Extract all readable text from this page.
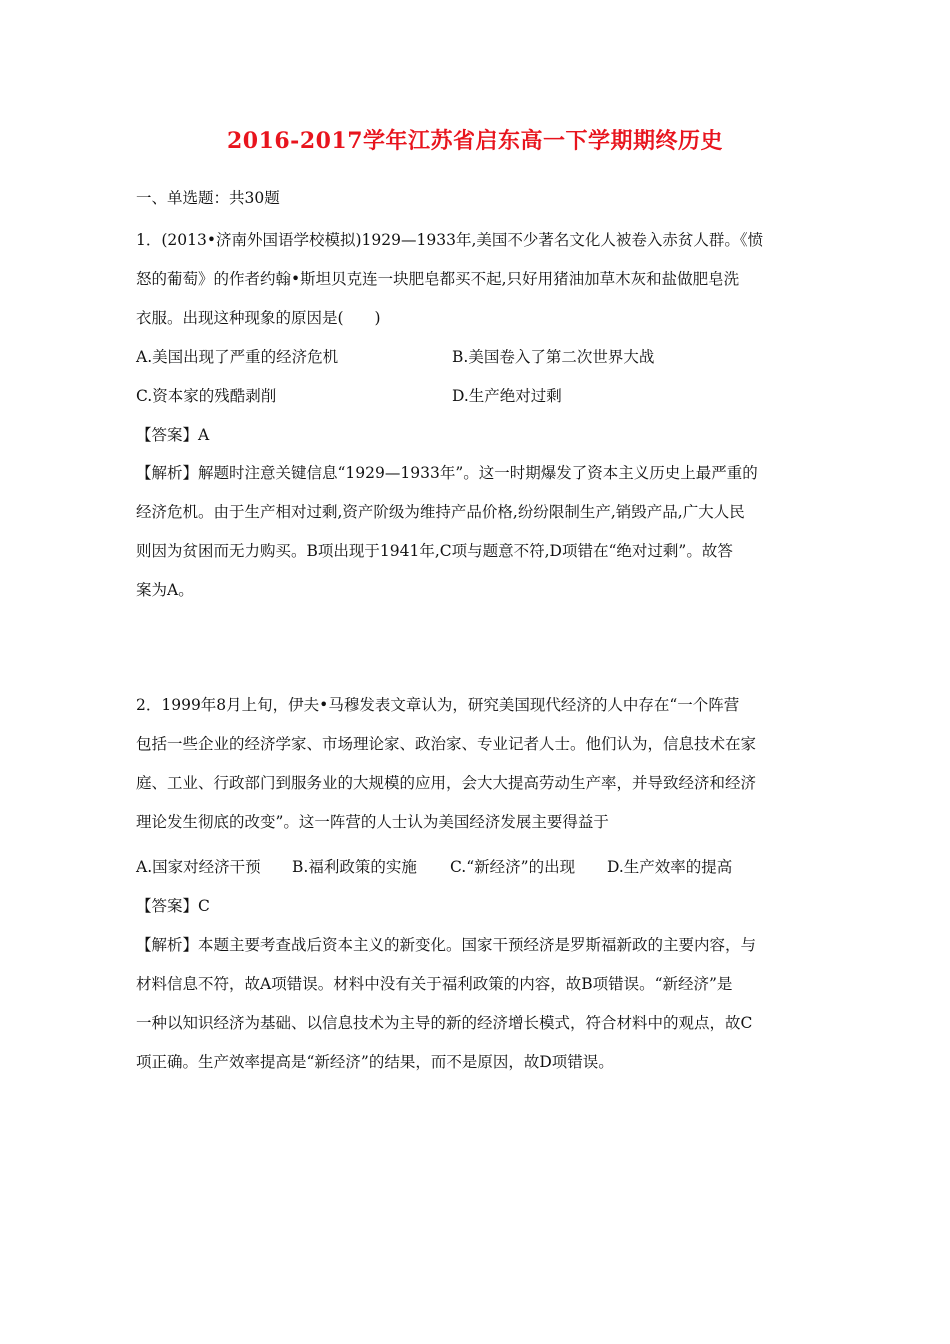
2016-2017学年江苏省启东高一下学期期终历史
一、单选题：共30题
1．(2013•济南外国语学校模拟)1929—1933年,美国不少著名文化人被卷入赤贫人群。《愤
怒的葡萄》的作者约翰•斯坦贝克连一块肥皂都买不起,只好用猪油加草木灰和盐做肥皂洗
衣服。出现这种现象的原因是(　　)
A.美国出现了严重的经济危机	B.美国卷入了第二次世界大战
C.资本家的残酷剥削	D.生产绝对过剩
【答案】A
【解析】解题时注意关键信息“1929—1933年”。这一时期爆发了资本主义历史上最严重的
经济危机。由于生产相对过剩,资产阶级为维持产品价格,纷纷限制生产,销毁产品,广大人民
则因为贫困而无力购买。B项出现于1941年,C项与题意不符,D项错在“绝对过剩”。故答
案为A。
2．1999年8月上旬，伊夫•马穆发表文章认为，研究美国现代经济的人中存在“一个阵营
包括一些企业的经济学家、市场理论家、政治家、专业记者人士。他们认为，信息技术在家
庭、工业、行政部门到服务业的大规模的应用，会大大提高劳动生产率，并导致经济和经济
理论发生彻底的改变”。这一阵营的人士认为美国经济发展主要得益于
A.国家对经济干预 B.福利政策的实施 C.“新经济”的出现 D.生产效率的提高
【答案】C
【解析】本题主要考查战后资本主义的新变化。国家干预经济是罗斯福新政的主要内容，与
材料信息不符，故A项错误。材料中没有关于福利政策的内容，故B项错误。“新经济”是
一种以知识经济为基础、以信息技术为主导的新的经济增长模式，符合材料中的观点，故C
项正确。生产效率提高是“新经济”的结果，而不是原因，故D项错误。
